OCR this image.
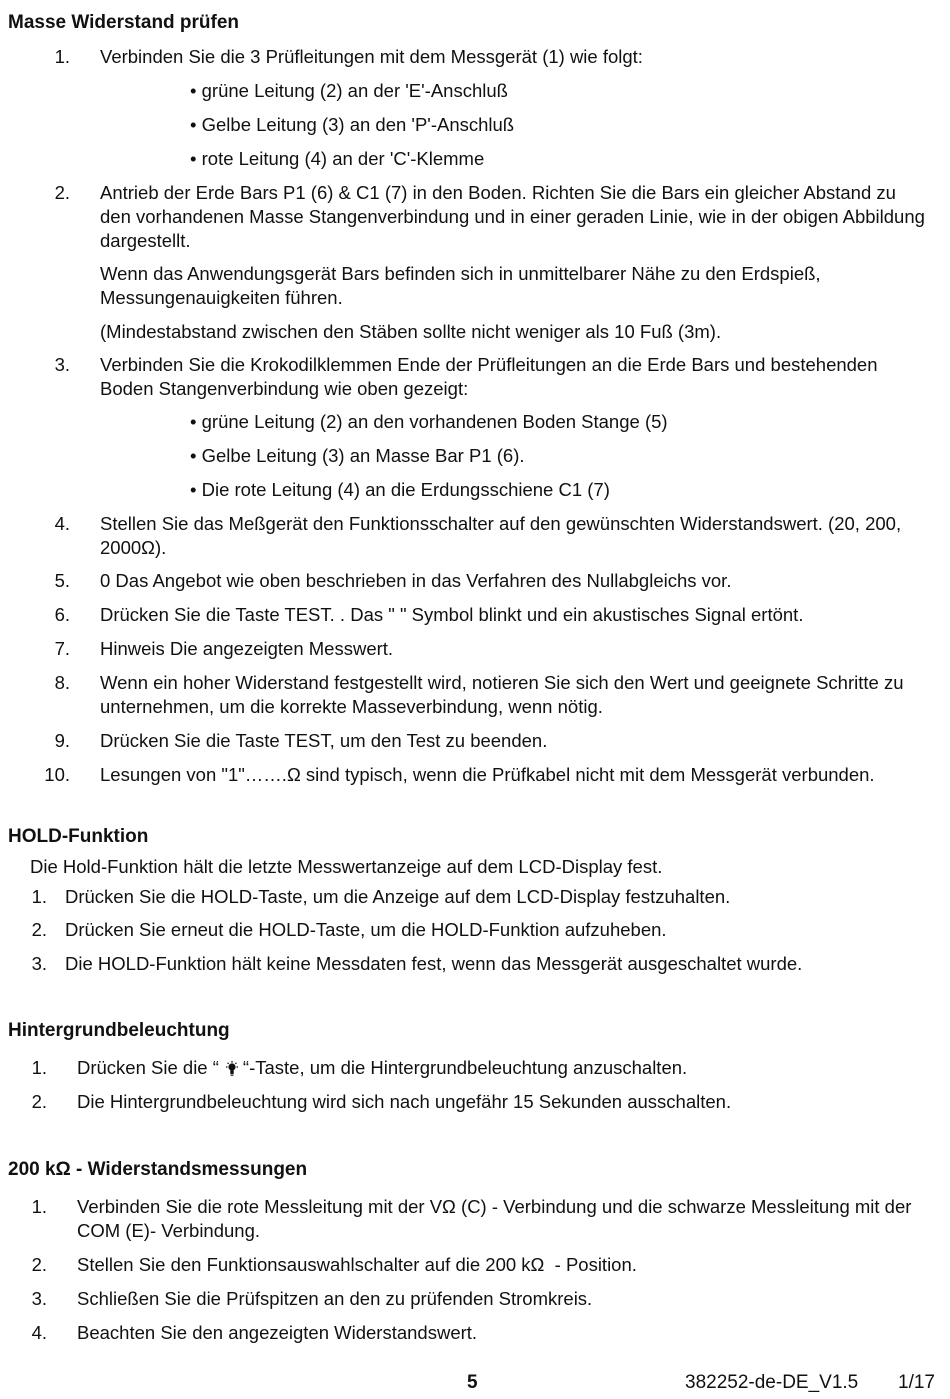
Masse Widerstand prüfen
1. Verbinden Sie die 3 Prüfleitungen mit dem Messgerät (1) wie folgt:
• grüne Leitung (2) an der 'E'-Anschluß
• Gelbe Leitung (3) an den 'P'-Anschluß
• rote Leitung (4) an der 'C'-Klemme
2. Antrieb der Erde Bars P1 (6) & C1 (7) in den Boden. Richten Sie die Bars ein gleicher Abstand zu den vorhandenen Masse Stangenverbindung und in einer geraden Linie, wie in der obigen Abbildung dargestellt.
Wenn das Anwendungsgerät Bars befinden sich in unmittelbarer Nähe zu den Erdspieß, Messungenauigkeiten führen.
(Mindestabstand zwischen den Stäben sollte nicht weniger als 10 Fuß (3m).
3. Verbinden Sie die Krokodilklemmen Ende der Prüfleitungen an die Erde Bars und bestehenden Boden Stangenverbindung wie oben gezeigt:
• grüne Leitung (2) an den vorhandenen Boden Stange (5)
• Gelbe Leitung (3) an Masse Bar P1 (6).
• Die rote Leitung (4) an die Erdungsschiene C1 (7)
4. Stellen Sie das Meßgerät den Funktionsschalter auf den gewünschten Widerstandswert. (20, 200, 2000Ω).
5. 0 Das Angebot wie oben beschrieben in das Verfahren des Nullabgleichs vor.
6. Drücken Sie die Taste TEST. . Das " " Symbol blinkt und ein akustisches Signal ertönt.
7. Hinweis Die angezeigten Messwert.
8. Wenn ein hoher Widerstand festgestellt wird, notieren Sie sich den Wert und geeignete Schritte zu unternehmen, um die korrekte Masseverbindung, wenn nötig.
9. Drücken Sie die Taste TEST, um den Test zu beenden.
10. Lesungen von "1"…….Ω sind typisch, wenn die Prüfkabel nicht mit dem Messgerät verbunden.
HOLD-Funktion
Die Hold-Funktion hält die letzte Messwertanzeige auf dem LCD-Display fest.
1. Drücken Sie die HOLD-Taste, um die Anzeige auf dem LCD-Display festzuhalten.
2. Drücken Sie erneut die HOLD-Taste, um die HOLD-Funktion aufzuheben.
3. Die HOLD-Funktion hält keine Messdaten fest, wenn das Messgerät ausgeschaltet wurde.
Hintergrundbeleuchtung
1. Drücken Sie die “ “-Taste, um die Hintergrundbeleuchtung anzuschalten.
2. Die Hintergrundbeleuchtung wird sich nach ungefähr 15 Sekunden ausschalten.
200 kΩ - Widerstandsmessungen
1. Verbinden Sie die rote Messleitung mit der VΩ (C) - Verbindung und die schwarze Messleitung mit der COM (E)- Verbindung.
2. Stellen Sie den Funktionsauswahlschalter auf die 200 kΩ  - Position.
3. Schließen Sie die Prüfspitzen an den zu prüfenden Stromkreis.
4. Beachten Sie den angezeigten Widerstandswert.
5	382252-de-DE_V1.5 1/17
